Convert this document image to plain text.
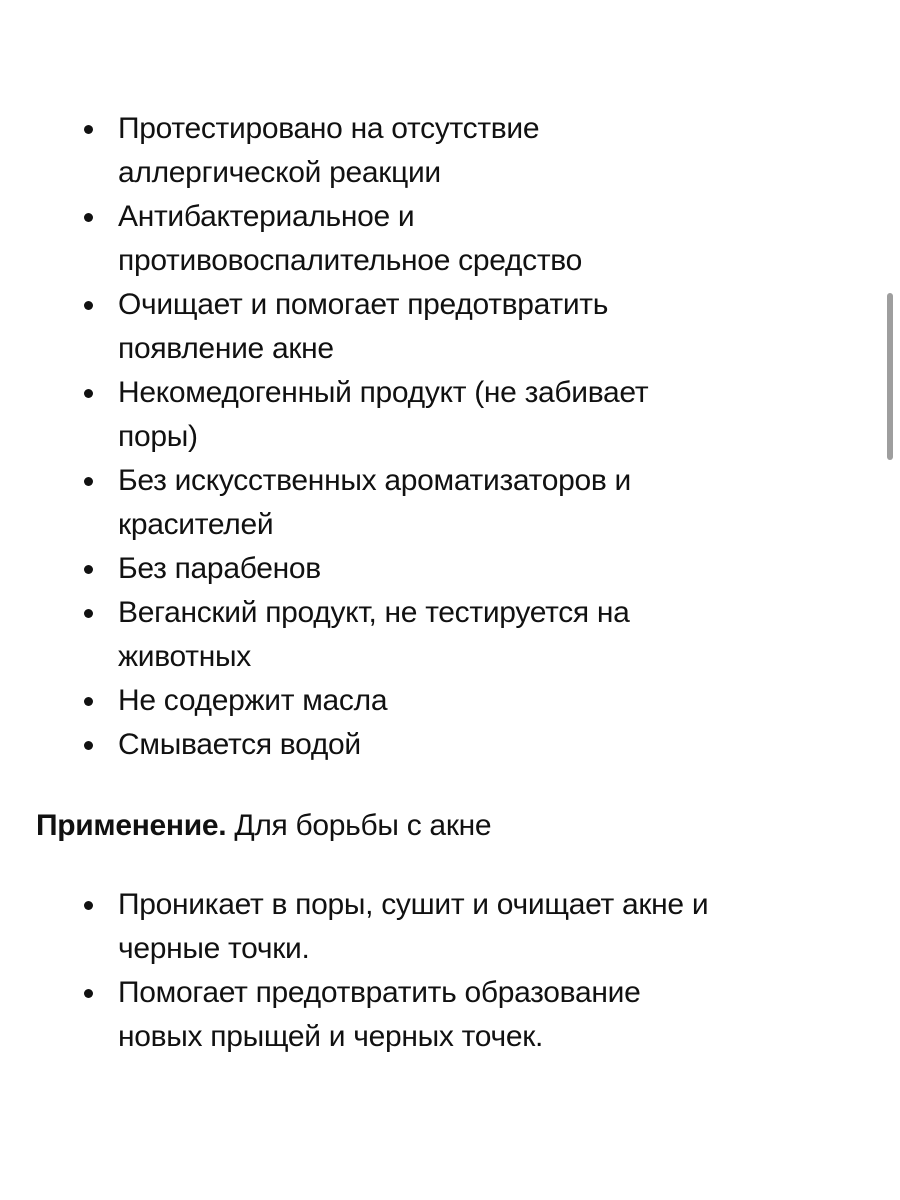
Протестировано на отсутствие
аллергической реакции
Антибактериальное и
противовоспалительное средство
Очищает и помогает предотвратить
появление акне
Некомедогенный продукт (не забивает
поры)
Без искусственных ароматизаторов и
красителей
Без парабенов
Веганский продукт, не тестируется на
животных
Не содержит масла
Смывается водой
Применение. Для борьбы с акне
Проникает в поры, сушит и очищает акне и
черные точки.
Помогает предотвратить образование
новых прыщей и черных точек.
